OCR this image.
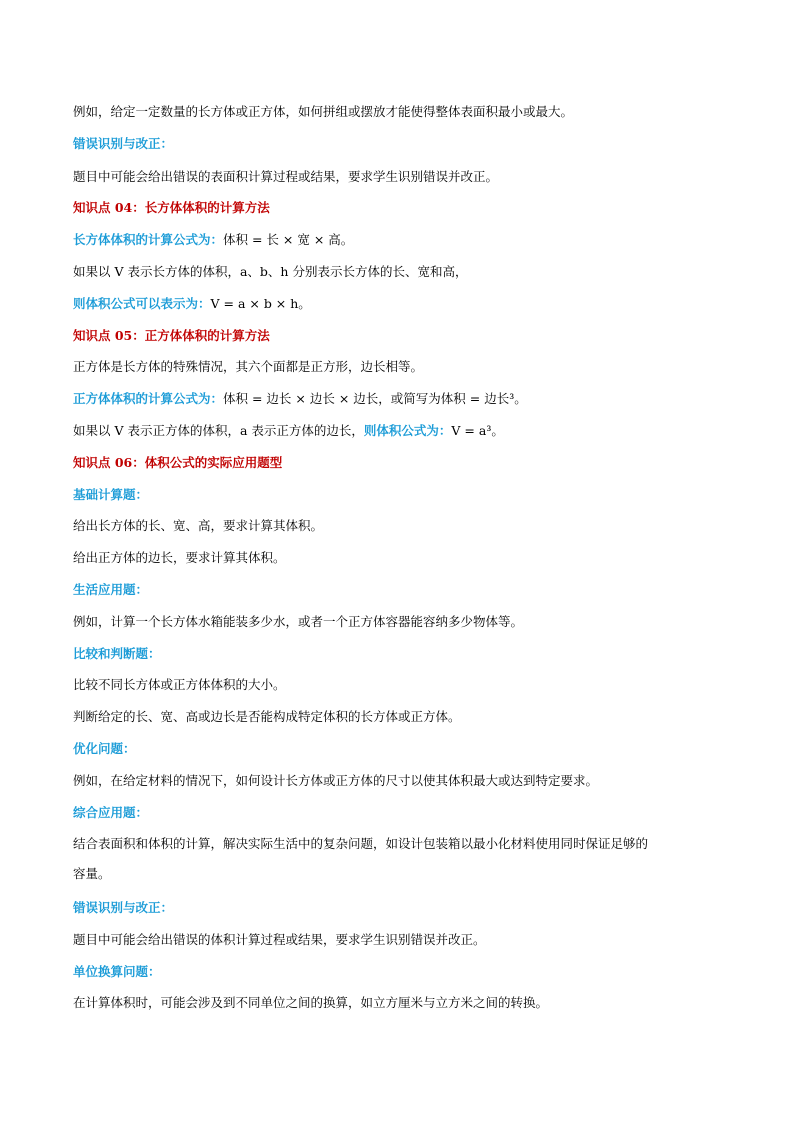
例如，给定一定数量的长方体或正方体，如何拼组或摆放才能使得整体表面积最小或最大。

错误识别与改正：

题目中可能会给出错误的表面积计算过程或结果，要求学生识别错误并改正。

知识点 04：长方体体积的计算方法

长方体体积的计算公式为：体积 = 长 × 宽 × 高。

如果以 V 表示长方体的体积，a、b、h 分别表示长方体的长、宽和高，

则体积公式可以表示为：V = a × b × h。

知识点 05：正方体体积的计算方法

正方体是长方体的特殊情况，其六个面都是正方形，边长相等。

正方体体积的计算公式为：体积 = 边长 × 边长 × 边长，或简写为体积 = 边长³。

如果以 V 表示正方体的体积，a 表示正方体的边长，则体积公式为：V = a³。

知识点 06：体积公式的实际应用题型

基础计算题：

给出长方体的长、宽、高，要求计算其体积。

给出正方体的边长，要求计算其体积。

生活应用题：

例如，计算一个长方体水箱能装多少水，或者一个正方体容器能容纳多少物体等。

比较和判断题：

比较不同长方体或正方体体积的大小。

判断给定的长、宽、高或边长是否能构成特定体积的长方体或正方体。

优化问题：

例如，在给定材料的情况下，如何设计长方体或正方体的尺寸以使其体积最大或达到特定要求。

综合应用题：

结合表面积和体积的计算，解决实际生活中的复杂问题，如设计包装箱以最小化材料使用同时保证足够的

容量。

错误识别与改正：

题目中可能会给出错误的体积计算过程或结果，要求学生识别错误并改正。

单位换算问题：

在计算体积时，可能会涉及到不同单位之间的换算，如立方厘米与立方米之间的转换。
